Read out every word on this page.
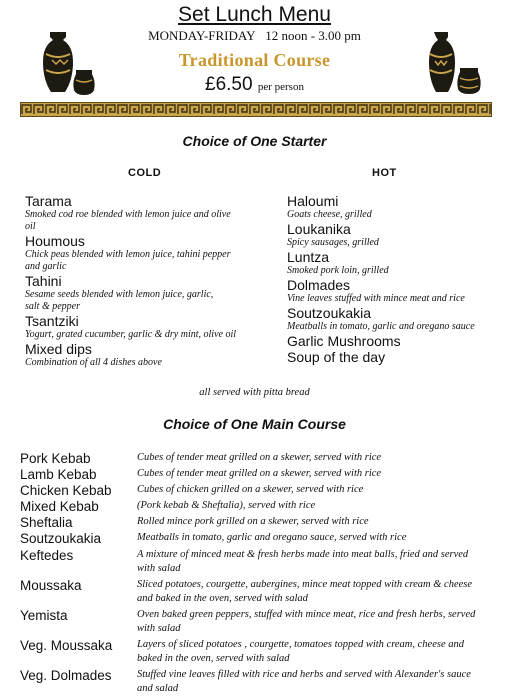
Set Lunch Menu
MONDAY-FRIDAY 12 noon - 3.00 pm
Traditional Course
£6.50 per person
Choice of One Starter
COLD	HOT
Tarama
Smoked cod roe blended with lemon juice and olive oil
Houmous
Chick peas blended with lemon juice, tahini pepper and garlic
Tahini
Sesame seeds blended with lemon juice, garlic, salt & pepper
Tsantziki
Yogurt, grated cucumber, garlic & dry mint, olive oil
Mixed dips
Combination of all 4 dishes above
Haloumi
Goats cheese, grilled
Loukanika
Spicy sausages, grilled
Luntza
Smoked pork loin, grilled
Dolmades
Vine leaves stuffed with mince meat and rice
Soutzoukakia
Meatballs in tomato, garlic and oregano sauce
Garlic Mushrooms
Soup of the day
all served with pitta bread
Choice of One Main Course
Pork Kebab	Cubes of tender meat grilled on a skewer, served with rice
Lamb Kebab	Cubes of tender meat grilled on a skewer, served with rice
Chicken Kebab	Cubes of chicken grilled on a skewer, served with rice
Mixed Kebab	(Pork kebab & Sheftalia), served with rice
Sheftalia	Rolled mince pork grilled on a skewer, served with rice
Soutzoukakia	Meatballs in tomato, garlic and oregano sauce, served with rice
Keftedes	A mixture of minced meat & fresh herbs made into meat balls, fried and served with salad
Moussaka	Sliced potatoes, courgette, aubergines, mince meat topped with cream & cheese and baked in the oven, served with salad
Yemista	Oven baked green peppers, stuffed with mince meat, rice and fresh herbs, served with salad
Veg. Moussaka	Layers of sliced potatoes , courgette, tomatoes topped with cream, cheese and baked in the oven, served with salad
Veg. Dolmades	Stuffed vine leaves filled with rice and herbs and served with Alexander's sauce and salad
